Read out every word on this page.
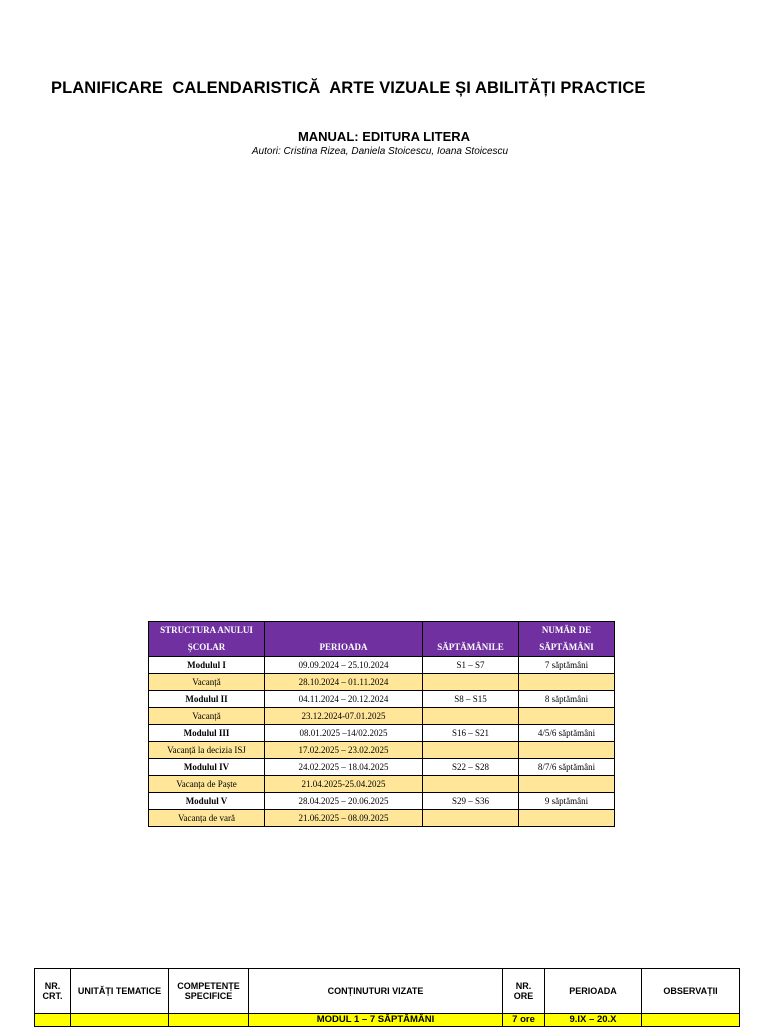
PLANIFICARE  CALENDARISTICĂ  ARTE VIZUALE ȘI ABILITĂȚI PRACTICE
MANUAL: EDITURA LITERA
Autori: Cristina Rizea, Daniela Stoicescu, Ioana Stoicescu
STRUCTURA ANULUI ȘCOLAR	PERIOADA	SĂPTĂMÂNILE	NUMĂR DE SĂPTĂMÂNI
Modulul I	09.09.2024 – 25.10.2024	S1 – S7	7 săptămâni
Vacanță	28.10.2024 – 01.11.2024		
Modulul II	04.11.2024 – 20.12.2024	S8 – S15	8 săptămâni
Vacanță	23.12.2024-07.01.2025		
Modulul III	08.01.2025 –14/02.2025	S16 – S21	4/5/6 săptămâni
Vacanță la decizia ISJ	17.02.2025 – 23.02.2025		
Modulul IV	24.02.2025 – 18.04.2025	S22 – S28	8/7/6 săptămâni
Vacanța de Paște	21.04.2025-25.04.2025		
Modulul V	28.04.2025 – 20.06.2025	S29 – S36	9 săptămâni
Vacanța de vară	21.06.2025 – 08.09.2025		
NR. CRT.	UNITĂȚI TEMATICE	COMPETENȚE SPECIFICE	CONȚINUTURI VIZATE	NR. ORE	PERIOADA	OBSERVAȚII
			MODUL 1 – 7 SĂPTĂMÂNI	7 ore	9.IX – 20.X	
